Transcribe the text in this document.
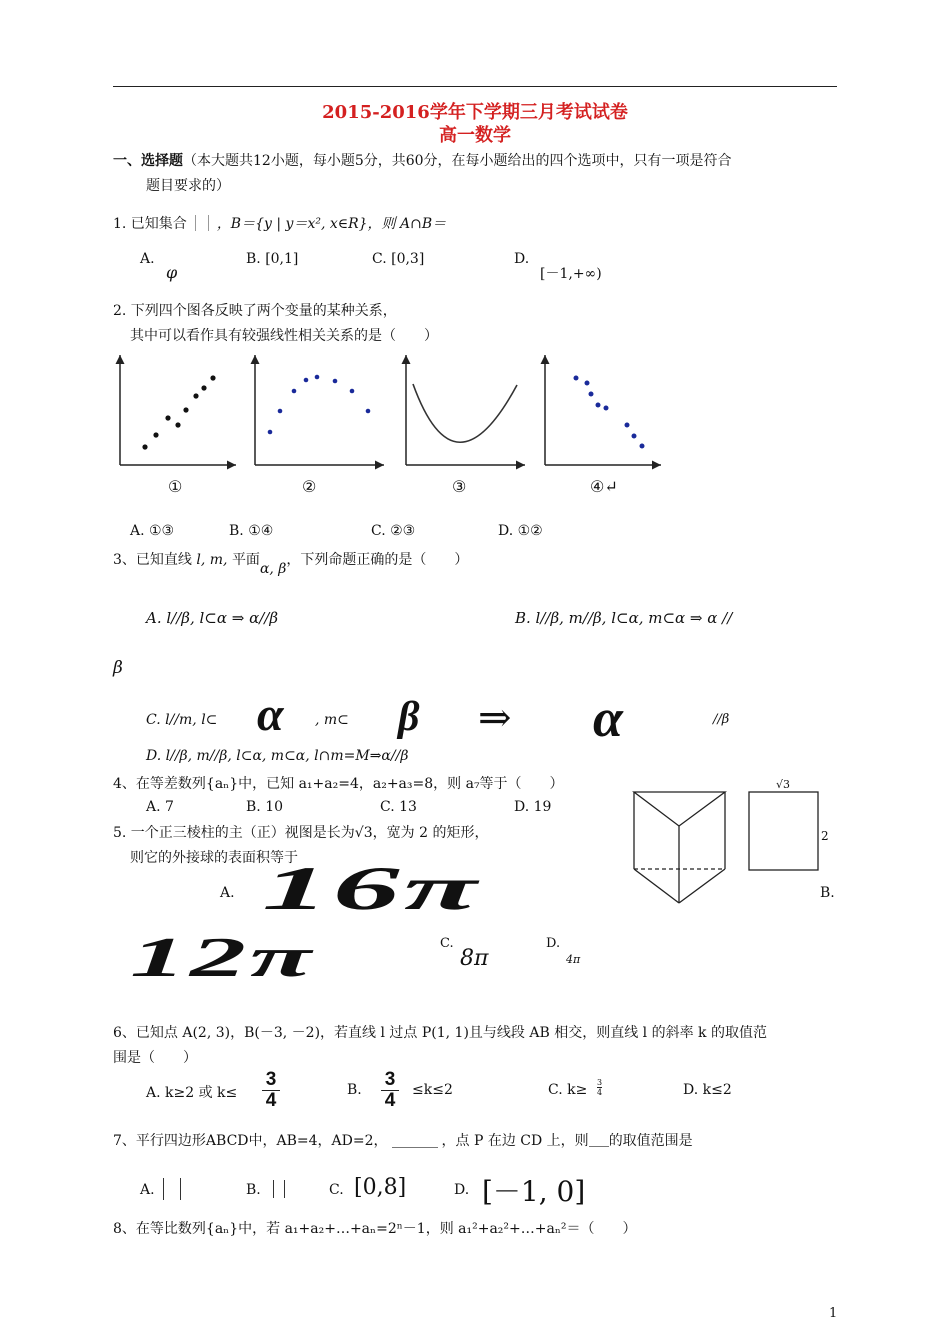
2015-2016学年下学期三月考试试卷
高一数学
一、选择题（本大题共12小题，每小题5分，共60分，在每小题给出的四个选项中，只有一项是符合
题目要求的）
1. 已知集合 ，B＝{y | y＝x², x∈R}，则 A∩B＝
A.
φ
B. [0,1]	C. [0,3]	D.
[－1,+∞)
2. 下列四个图各反映了两个变量的某种关系，
其中可以看作具有较强线性相关关系的是（　　）
①	②	③	④↵
A. ①③	B. ①④	C. ②③	D. ①②
3、已知直线 l, m, 平面α, β，下列命题正确的是（　　）
A. l//β, l⊂α ⇒ α//β	B. l//β, m//β, l⊂α, m⊂α ⇒ α //
β
C. l//m, l⊂ α , m⊂ β ⇒ α	//β
D. l//β, m//β, l⊂α, m⊂α, l∩m=M⇒α//β
4、在等差数列{aₙ}中，已知 a₁+a₂=4，a₂+a₃=8，则 a₇等于（　　）
A. 7	B. 10	C. 13	D. 19
5. 一个正三棱柱的主（正）视图是长为√3，宽为 2 的矩形，
则它的外接球的表面积等于
√3
2
A. 16π	B.
12π	C.
8π
D.
4π
6、已知点 A(2, 3)，B(－3, －2)，若直线 l 过点 P(1, 1)且与线段 AB 相交，则直线 l 的斜率 k 的取值范
围是（　　）
A. k≥2 或 $k\le \frac{3}{4}$	B. $\frac{3}{4} \le k\le 2$	C. $k\ge \frac{3}{4}$	D. k≤2
7、平行四边形ABCD中，AB=4，AD=2，	，点 P 在边 CD 上，则 的取值范围是
A.	B.	C. [0,8]	D. [－1, 0]
8、在等比数列{aₙ}中，若 a₁+a₂+…+aₙ=2ⁿ－1，则 a₁²+a₂²+…+aₙ²＝（　　）
1
